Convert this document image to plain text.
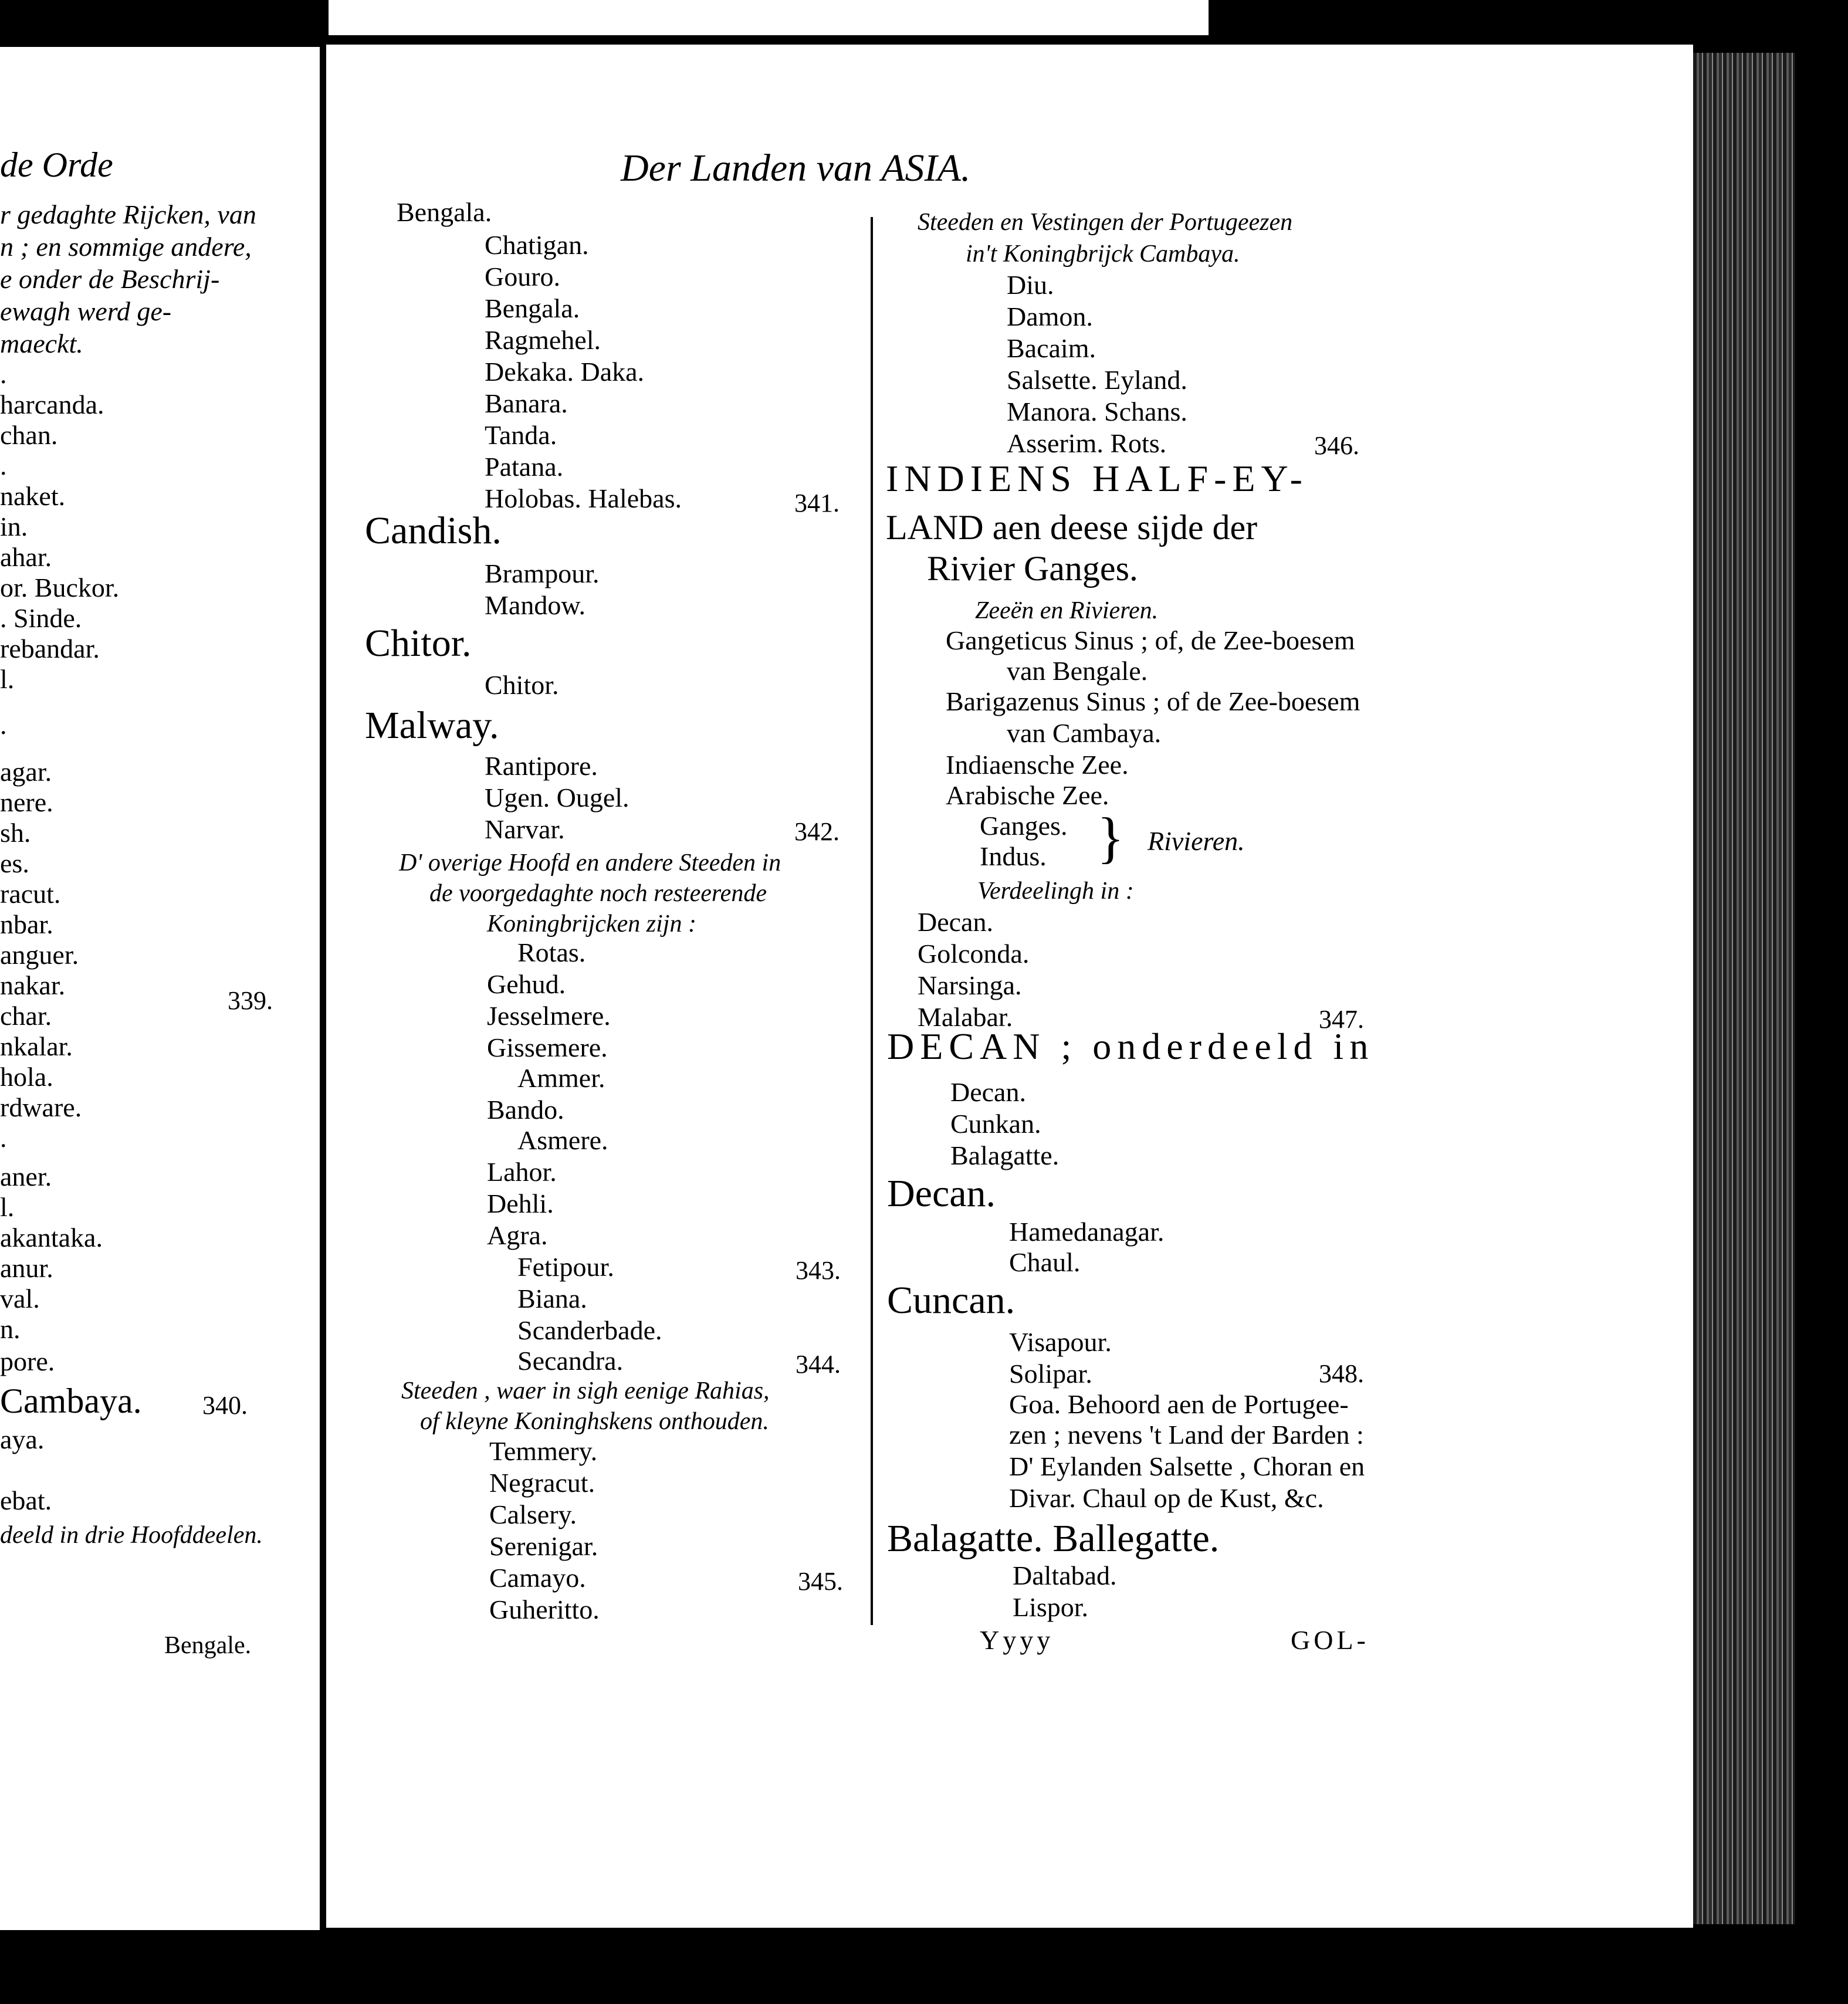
de Orde
r gedaghte Rijcken, van
n ; en sommige andere,
e onder de Beschrij-
ewagh werd ge-
maeckt.
.
harcanda.
chan.
.
naket.
in.
ahar.
or. Buckor.
. Sinde.
rebandar.
l.
.
agar.
nere.
sh.
es.
racut.
nbar.
anguer.
nakar.
339.
char.
nkalar.
hola.
rdware.
.
aner.
l.
akantaka.
anur.
val.
n.
pore.
Cambaya. 340.
aya.
ebat.
deeld in drie Hoofddeelen.
Bengale.
Der Landen van ASIA.
Bengala.
Chatigan.
Gouro.
Bengala.
Ragmehel.
Dekaka. Daka.
Banara.
Tanda.
Patana.
Holobas. Halebas.	341.
Candish.
Brampour.
Mandow.
Chitor.
Chitor.
Malway.
Rantipore.
Ugen. Ougel.
Narvar.	342.
D' overige Hoofd en andere Steeden in
de voorgedaghte noch resteerende
Koningbrijcken zijn :
Rotas.
Gehud.
Jesselmere.
Gissemere.
Ammer.
Bando.
Asmere.
Lahor.
Dehli.
Agra.
Fetipour.	343.
Biana.
Scanderbade.
Secandra.	344.
Steeden , waer in sigh eenige Rahias,
of kleyne Koninghskens onthouden.
Temmery.
Negracut.
Calsery.
Serenigar.
Camayo.	345.
Guheritto.
Steeden en Vestingen der Portugeezen
in't Koningbrijck Cambaya.
Diu.
Damon.
Bacaim.
Salsette. Eyland.
Manora. Schans.
Asserim. Rots.	346.
INDIENS HALF-EY-
LAND aen deese sijde der
Rivier Ganges.
Zeeën en Rivieren.
Gangeticus Sinus ; of, de Zee-boesem
van Bengale.
Barigazenus Sinus ; of de Zee-boesem
van Cambaya.
Indiaensche Zee.
Arabische Zee.
Ganges.
Indus. } Rivieren.
Verdeelingh in :
Decan.
Golconda.
Narsinga.
Malabar.	347.
DECAN ; onderdeeld in
Decan.
Cunkan.
Balagatte.
Decan.
Hamedanagar.
Chaul.
Cuncan.
Visapour.
Solipar.	348.
Goa. Behoord aen de Portugee-
zen ; nevens 't Land der Barden :
D' Eylanden Salsette , Choran en
Divar. Chaul op de Kust, &c.
Balagatte. Ballegatte.
Daltabad.
Lispor.
Yyyy	GOL-
